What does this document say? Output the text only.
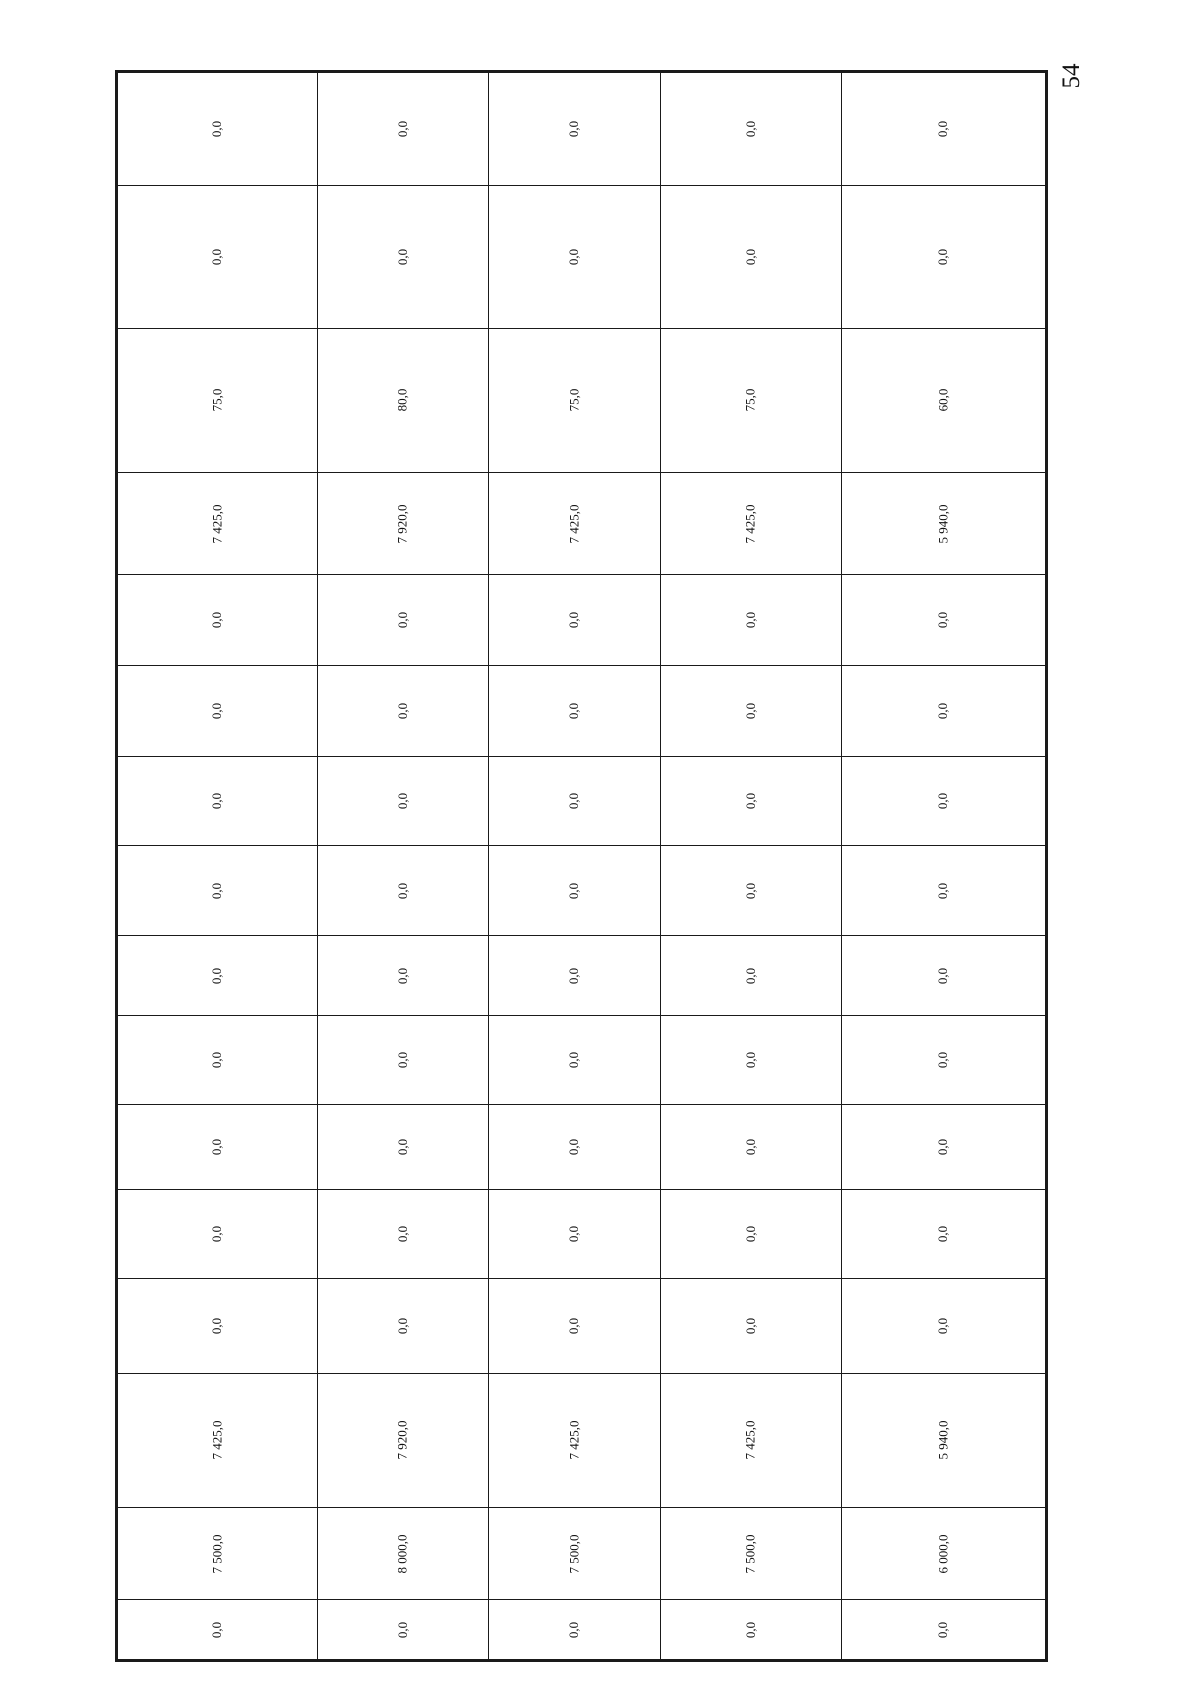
54
0,0	0,0	0,0	0,0	0,0
0,0	0,0	0,0	0,0	0,0
75,0	80,0	75,0	75,0	60,0
7 425,0	7 920,0	7 425,0	7 425,0	5 940,0
0,0	0,0	0,0	0,0	0,0
0,0	0,0	0,0	0,0	0,0
0,0	0,0	0,0	0,0	0,0
0,0	0,0	0,0	0,0	0,0
0,0	0,0	0,0	0,0	0,0
0,0	0,0	0,0	0,0	0,0
0,0	0,0	0,0	0,0	0,0
0,0	0,0	0,0	0,0	0,0
0,0	0,0	0,0	0,0	0,0
7 425,0	7 920,0	7 425,0	7 425,0	5 940,0
7 500,0	8 000,0	7 500,0	7 500,0	6 000,0
0,0	0,0	0,0	0,0	0,0
